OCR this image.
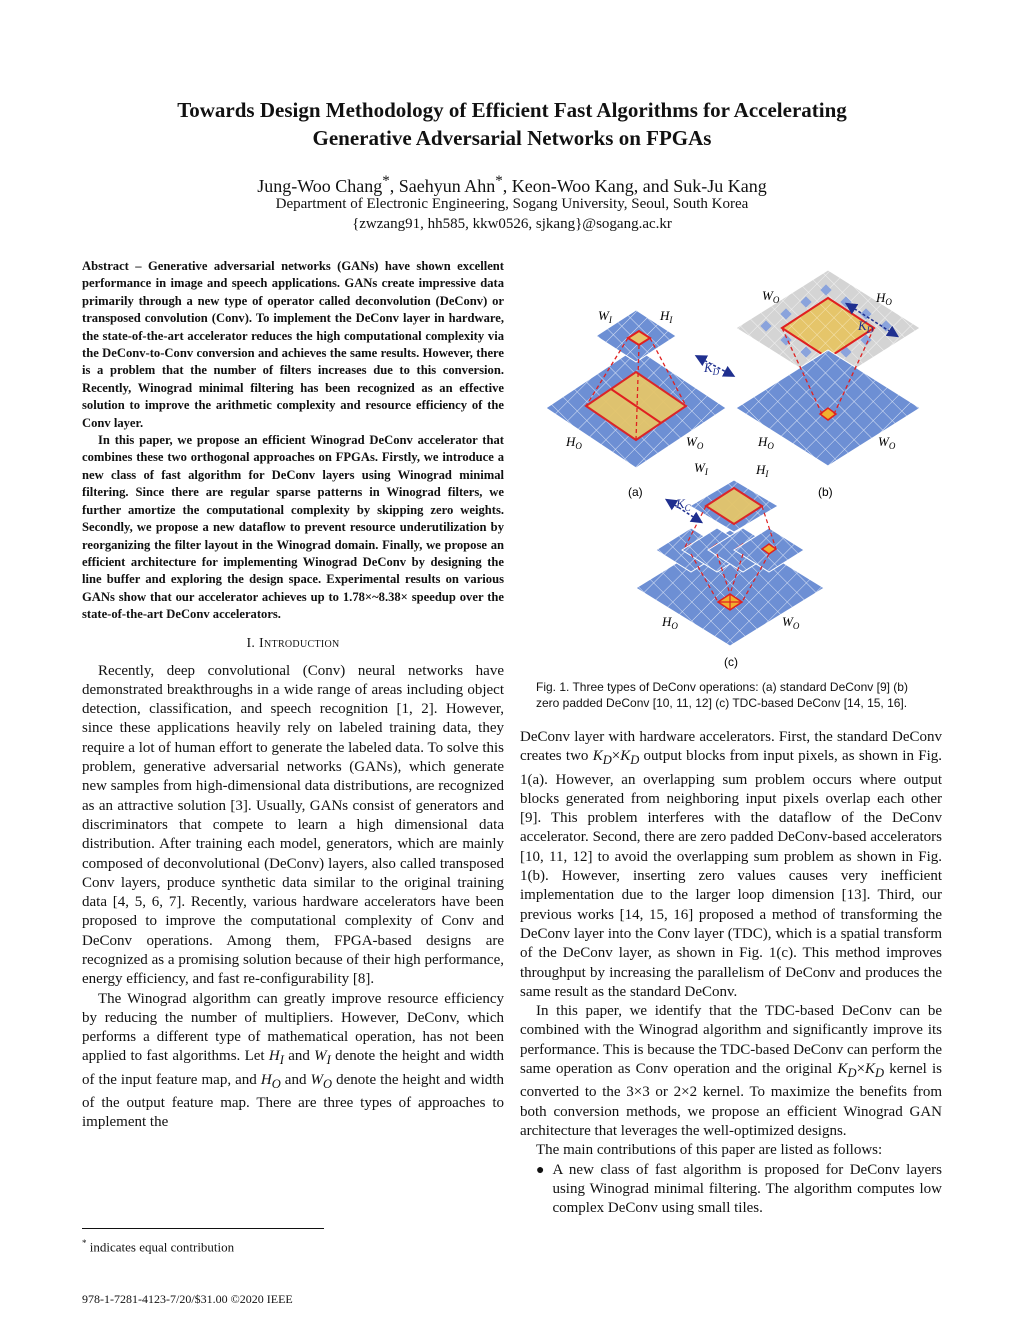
Towards Design Methodology of Efficient Fast Algorithms for Accelerating
Generative Adversarial Networks on FPGAs
Jung-Woo Chang*, Saehyun Ahn*, Keon-Woo Kang, and Suk-Ju Kang
Department of Electronic Engineering, Sogang University, Seoul, South Korea
{zwzang91, hh585, kkw0526, sjkang}@sogang.ac.kr

Abstract – Generative adversarial networks (GANs) have shown excellent performance in image and speech applications. GANs create impressive data primarily through a new type of operator called deconvolution (DeConv) or transposed convolution (Conv). To implement the DeConv layer in hardware, the state-of-the-art accelerator reduces the high computational complexity via the DeConv-to-Conv conversion and achieves the same results. However, there is a problem that the number of filters increases due to this conversion. Recently, Winograd minimal filtering has been recognized as an effective solution to improve the arithmetic complexity and resource efficiency of the Conv layer.

In this paper, we propose an efficient Winograd DeConv accelerator that combines these two orthogonal approaches on FPGAs. Firstly, we introduce a new class of fast algorithm for DeConv layers using Winograd minimal filtering. Since there are regular sparse patterns in Winograd filters, we further amortize the computational complexity by skipping zero weights. Secondly, we propose a new dataflow to prevent resource underutilization by reorganizing the filter layout in the Winograd domain. Finally, we propose an efficient architecture for implementing Winograd DeConv by designing the line buffer and exploring the design space. Experimental results on various GANs show that our accelerator achieves up to 1.78×~8.38× speedup over the state-of-the-art DeConv accelerators.

I. Introduction

Recently, deep convolutional (Conv) neural networks have demonstrated breakthroughs in a wide range of areas including object detection, classification, and speech recognition [1, 2]. However, since these applications heavily rely on labeled training data, they require a lot of human effort to generate the labeled data. To solve this problem, generative adversarial networks (GANs), which generate new samples from high-dimensional data distributions, are recognized as an attractive solution [3]. Usually, GANs consist of generators and discriminators that compete to learn a high dimensional data distribution. After training each model, generators, which are mainly composed of deconvolutional (DeConv) layers, also called transposed Conv layers, produce synthetic data similar to the original training data [4, 5, 6, 7]. Recently, various hardware accelerators have been proposed to improve the computational complexity of Conv and DeConv operations. Among them, FPGA-based designs are recognized as a promising solution because of their high performance, energy efficiency, and fast re-configurability [8].

The Winograd algorithm can greatly improve resource efficiency by reducing the number of multipliers. However, DeConv, which performs a different type of mathematical operation, has not been applied to fast algorithms. Let $H_I$ and $W_I$ denote the height and width of the input feature map, and $H_O$ and $W_O$ denote the height and width of the output feature map. There are three types of approaches to implement the

$W_I$	$H_I$
$K_D$
$H_O$	$W_O$
(a)
$W_O$	$H_O$
$K_D$
$H_O$	$W_O$
(b)
$W_I$	$H_I$
$K_C$
$H_O$	$W_O$
(c)
Fig. 1. Three types of DeConv operations: (a) standard DeConv [9] (b) zero padded DeConv [10, 11, 12] (c) TDC-based DeConv [14, 15, 16].

DeConv layer with hardware accelerators. First, the standard DeConv creates two $K_D\times K_D$ output blocks from input pixels, as shown in Fig. 1(a). However, an overlapping sum problem occurs where output blocks generated from neighboring input pixels overlap each other [9]. This problem interferes with the dataflow of the DeConv accelerator. Second, there are zero padded DeConv-based accelerators [10, 11, 12] to avoid the overlapping sum problem as shown in Fig. 1(b). However, inserting zero values causes very inefficient implementation due to the larger loop dimension [13]. Third, our previous works [14, 15, 16] proposed a method of transforming the DeConv layer into the Conv layer (TDC), which is a spatial transform of the DeConv layer, as shown in Fig. 1(c). This method improves throughput by increasing the parallelism of DeConv and produces the same result as the standard DeConv.

In this paper, we identify that the TDC-based DeConv can be combined with the Winograd algorithm and significantly improve its performance. This is because the TDC-based DeConv can perform the same operation as Conv operation and the original $K_D\times K_D$ kernel is converted to the 3×3 or 2×2 kernel. To maximize the benefits from both conversion methods, we propose an efficient Winograd GAN architecture that leverages the well-optimized designs.

The main contributions of this paper are listed as follows:

● A new class of fast algorithm is proposed for DeConv layers using Winograd minimal filtering. The algorithm computes low complex DeConv using small tiles.
* indicates equal contribution
978-1-7281-4123-7/20/$31.00 ©2020 IEEE
